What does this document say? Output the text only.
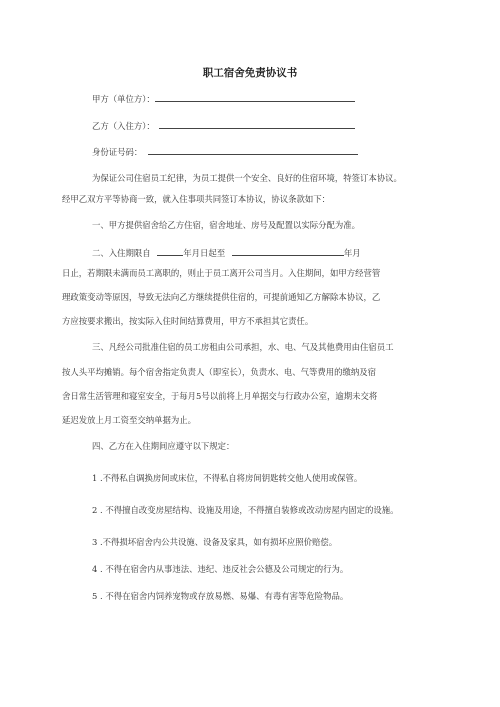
职工宿舍免责协议书
甲方（单位方）：
乙方（入住方）：
身份证号码：
为保证公司住宿员工纪律，为员工提供一个安全、良好的住宿环境，特签订本协议。
经甲乙双方平等协商一致，就入住事项共同签订本协议，协议条款如下：
一、甲方提供宿舍给乙方住宿，宿舍地址、房号及配置以实际分配为准。
二、入住期限自	年月日起至	年月
日止，若期限未满而员工离职的，则止于员工离开公司当月。入住期间，如甲方经营管
理政策变动等原因，导致无法向乙方继续提供住宿的，可提前通知乙方解除本协议，乙
方应按要求搬出，按实际入住时间结算费用，甲方不承担其它责任。
三、凡经公司批准住宿的员工房租由公司承担，水、电、气及其他费用由住宿员工
按人头平均摊销。每个宿舍指定负责人（即室长），负责水、电、气等费用的缴纳及宿
舍日常生活管理和寝室安全，于每月5号以前将上月单据交与行政办公室，逾期未交将
延迟发放上月工资至交纳单据为止。
四、乙方在入住期间应遵守以下规定：
1 .不得私自调换房间或床位，不得私自将房间钥匙转交他人使用或保管。
2 . 不得擅自改变房屋结构、设施及用途，不得擅自装修或改动房屋内固定的设施。
3 .不得损坏宿舍内公共设施、设备及家具，如有损坏应照价赔偿。
4 . 不得在宿舍内从事违法、违纪、违反社会公德及公司规定的行为。
5 . 不得在宿舍内饲养宠物或存放易燃、易爆、有毒有害等危险物品。
